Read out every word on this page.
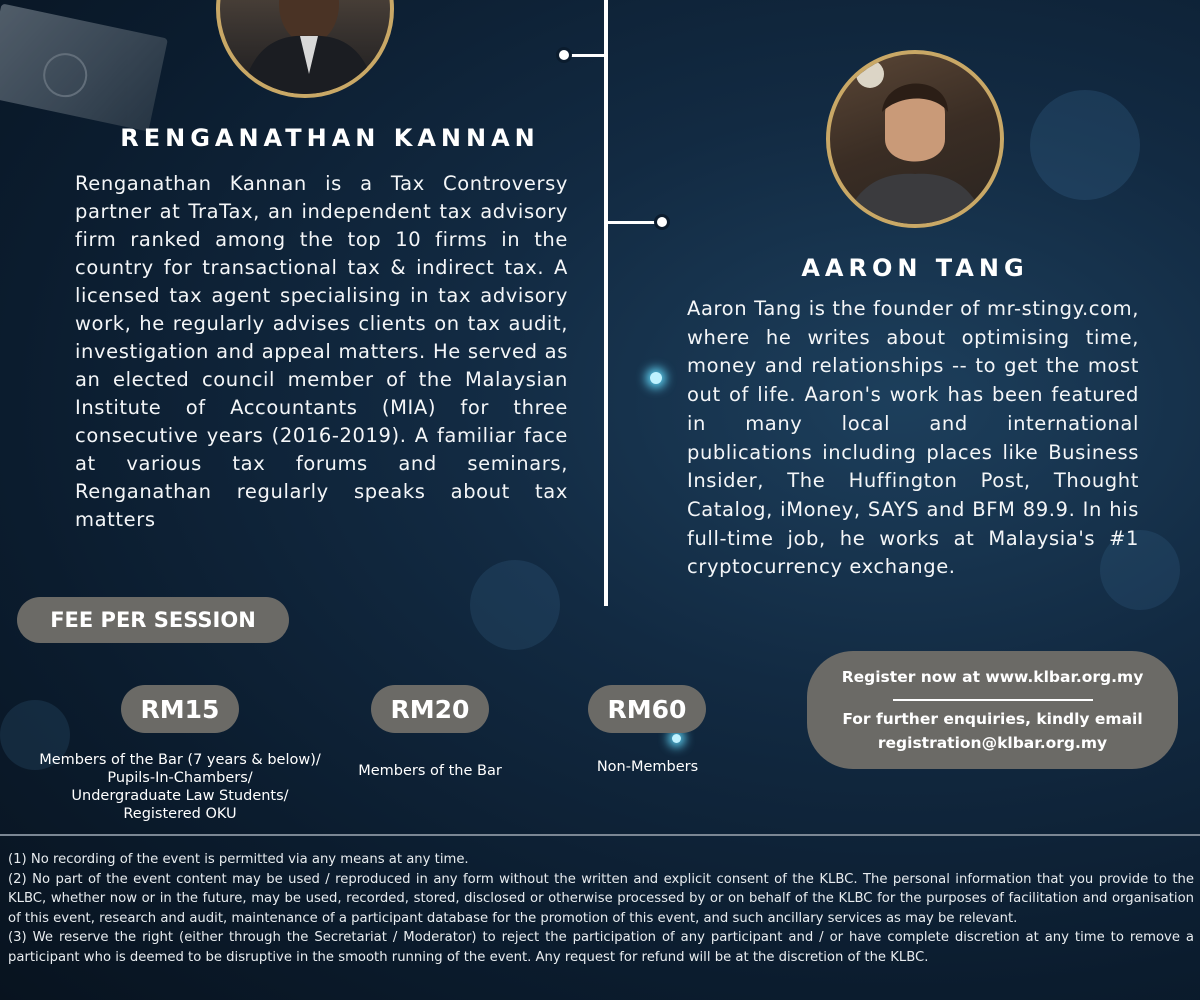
RENGANATHAN KANNAN
Renganathan Kannan is a Tax Controversy partner at TraTax, an independent tax advisory firm ranked among the top 10 firms in the country for transactional tax & indirect tax. A licensed tax agent specialising in tax advisory work, he regularly advises clients on tax audit, investigation and appeal matters. He served as an elected council member of the Malaysian Institute of Accountants (MIA) for three consecutive years (2016-2019). A familiar face at various tax forums and seminars, Renganathan regularly speaks about tax matters
AARON TANG
Aaron Tang is the founder of mr-stingy.com, where he writes about optimising time, money and relationships -- to get the most out of life. Aaron's work has been featured in many local and international publications including places like Business Insider, The Huffington Post, Thought Catalog, iMoney, SAYS and BFM 89.9. In his full-time job, he works at Malaysia's #1 cryptocurrency exchange.
FEE PER SESSION
RM15
Members of the Bar (7 years & below)/
Pupils-In-Chambers/
Undergraduate Law Students/
Registered OKU
RM20
Members of the Bar
RM60
Non-Members
Register now at www.klbar.org.my
For further enquiries, kindly email
registration@klbar.org.my

(1) No recording of the event is permitted via any means at any time.

(2) No part of the event content may be used / reproduced in any form without the written and explicit consent of the KLBC. The personal information that you provide to the KLBC, whether now or in the future, may be used, recorded, stored, disclosed or otherwise processed by or on behalf of the KLBC for the purposes of facilitation and organisation of this event, research and audit, maintenance of a participant database for the promotion of this event, and such ancillary services as may be relevant.

(3) We reserve the right (either through the Secretariat / Moderator) to reject the participation of any participant and / or have complete discretion at any time to remove a participant who is deemed to be disruptive in the smooth running of the event. Any request for refund will be at the discretion of the KLBC.
